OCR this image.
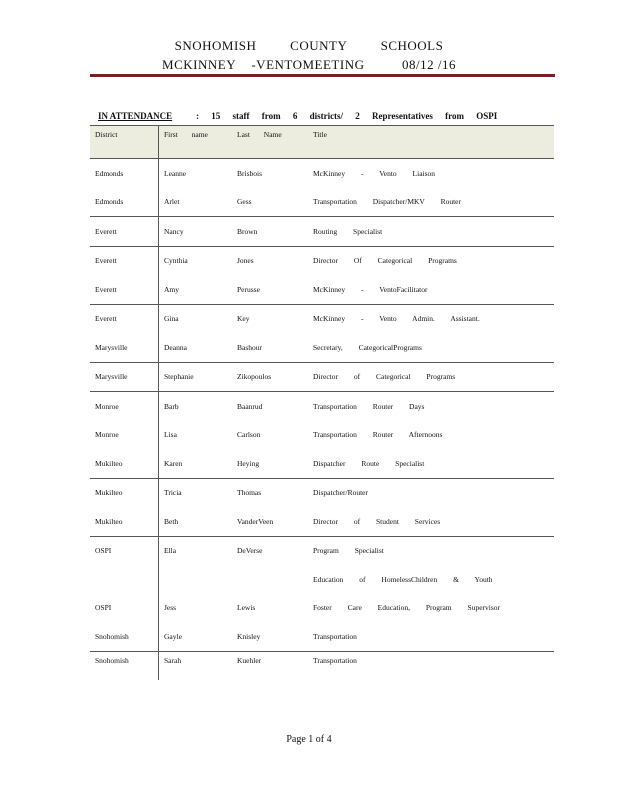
SNOHOMISH COUNTY SCHOOLS
MCKINNEY -VENTOMEETING	08/12 /16
IN ATTENDANCE	: 15 staff from 6 districts/ 2 Representatives from OSPI
District	First name	Last Name	Title
Edmonds	Leanne	Brisbois	McKinney - Vento Liaison
Edmonds	Arlet	Gess	Transportation Dispatcher/MKV Router
Everett	Nancy	Brown	Routing Specialist
Everett	Cynthia	Jones	Director Of Categorical Programs
Everett	Amy	Perusse	McKinney - VentoFacilitator
Everett	Gina	Key	McKinney - Vento Admin. Assistant.
Marysville	Deanna	Bashour	Secretary, CategoricalPrograms
Marysville	Stephanie	Zikopoulos	Director of Categorical Programs
Monroe	Barb	Baanrud	Transportation Router Days
Monroe	Lisa	Carlson	Transportation Router Afternoons
Mukilteo	Karen	Heying	Dispatcher Route Specialist
Mukilteo	Tricia	Thomas	Dispatcher/Router
Mukilteo	Beth	VanderVeen	Director of Student Services
OSPI	Ella	DeVerse	Program Specialist
			Education of HomelessChildren & Youth
OSPI	Jess	Lewis	Foster Care Education, Program Supervisor
Snohomish	Gayle	Knisley	Transportation
Snohomish	Sarah	Kuehler	Transportation
Page 1 of 4
